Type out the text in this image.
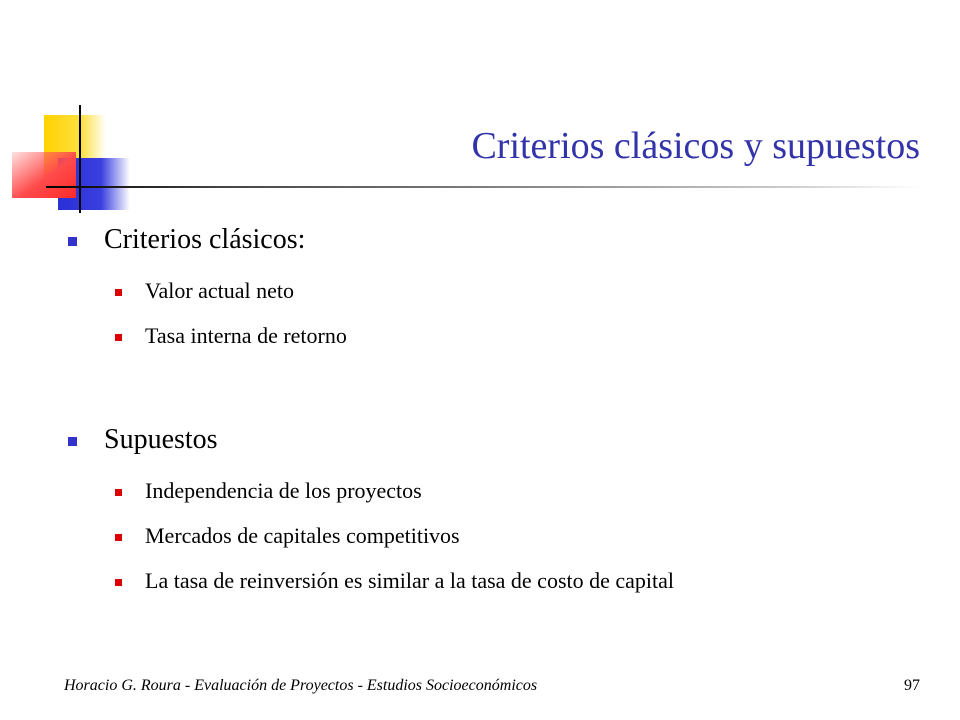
Criterios clásicos y supuestos
Criterios clásicos:
Valor actual neto
Tasa interna de retorno
Supuestos
Independencia de los proyectos
Mercados de capitales competitivos
La tasa de reinversión es similar a la tasa de costo de capital
Horacio G. Roura - Evaluación de Proyectos - Estudios Socioeconómicos	97
